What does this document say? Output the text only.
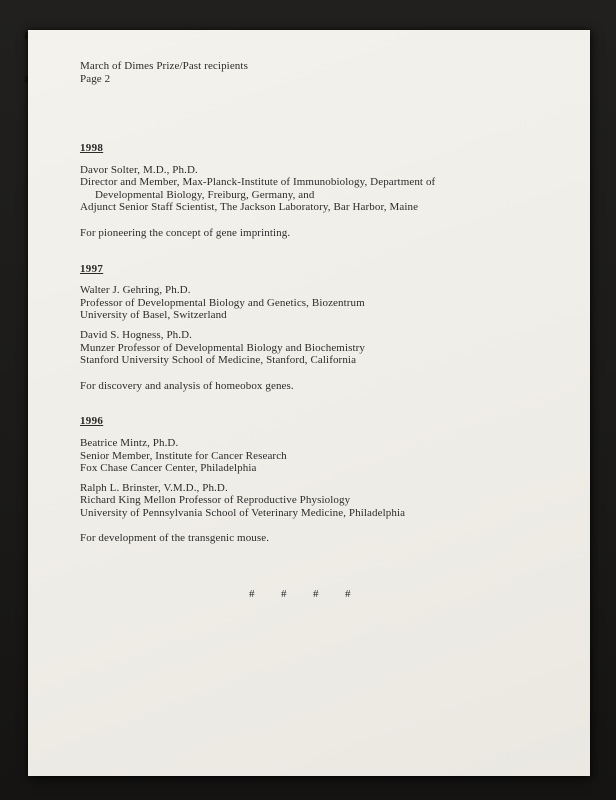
March of Dimes Prize/Past recipients
Page 2
1998
Davor Solter, M.D., Ph.D.
Director and Member, Max-Planck-Institute of Immunobiology, Department of
Developmental Biology, Freiburg, Germany, and
Adjunct Senior Staff Scientist, The Jackson Laboratory, Bar Harbor, Maine
For pioneering the concept of gene imprinting.
1997
Walter J. Gehring, Ph.D.
Professor of Developmental Biology and Genetics, Biozentrum
University of Basel, Switzerland
David S. Hogness, Ph.D.
Munzer Professor of Developmental Biology and Biochemistry
Stanford University School of Medicine, Stanford, California
For discovery and analysis of homeobox genes.
1996
Beatrice Mintz, Ph.D.
Senior Member, Institute for Cancer Research
Fox Chase Cancer Center, Philadelphia
Ralph L. Brinster, V.M.D., Ph.D.
Richard King Mellon Professor of Reproductive Physiology
University of Pennsylvania School of Veterinary Medicine, Philadelphia
For development of the transgenic mouse.
#        #        #        #
